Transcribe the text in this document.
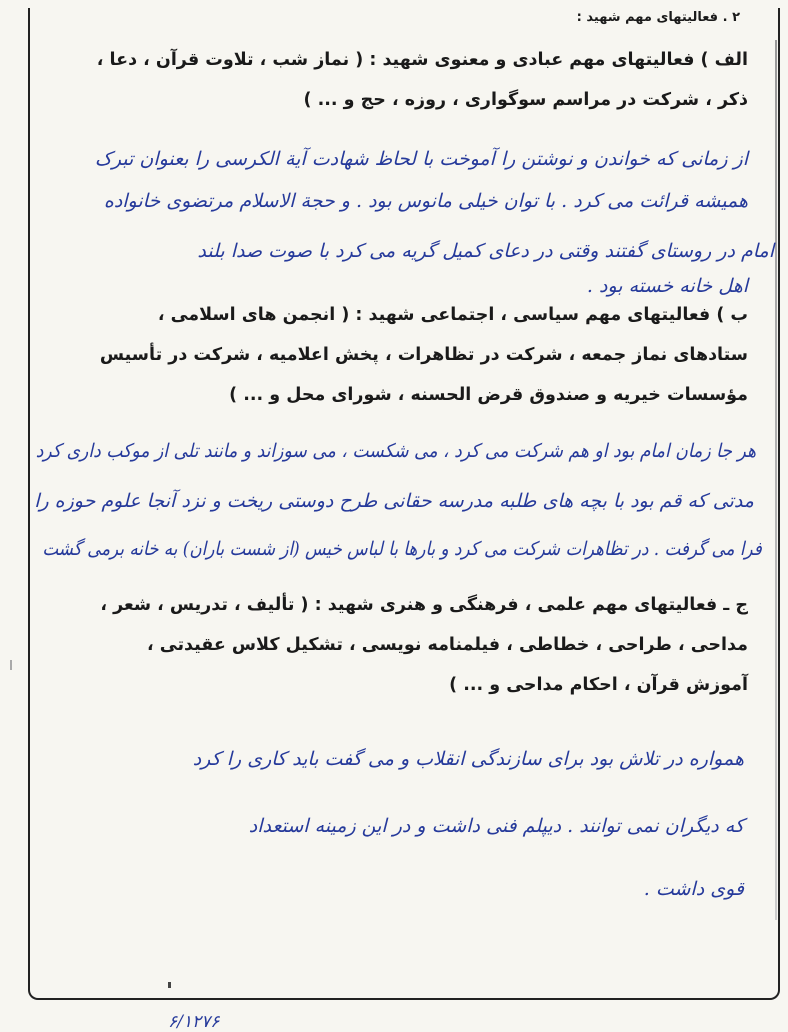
۲ . فعالیتهای مهم شهید :
الف ) فعالیتهای مهم عبادی و معنوی شهید : ( نماز شب ، تلاوت قرآن ، دعا ،
ذکر ، شرکت در مراسم سوگواری ، روزه ، حج و ... )
از زمانی که خواندن و نوشتن را آموخت با لحاظ شهادت آیة الکرسی را بعنوان تبرک
همیشه قرائت می کرد . با توان خیلی مانوس بود . و حجة الاسلام مرتضوی خانواده
امام در روستای گفتند وقتی در دعای کمیل گریه می کرد با صوت صدا بلند
اهل خانه خسته بود .
ب ) فعالیتهای مهم سیاسی ، اجتماعی شهید : ( انجمن های اسلامی ،
ستادهای نماز جمعه ، شرکت در تظاهرات ، پخش اعلامیه ، شرکت در تأسیس
مؤسسات خیریه و صندوق قرض الحسنه ، شورای محل و ... )
هر جا زمان امام بود او هم شرکت می کرد ، می شکست ، می سوزاند و مانند تلی از موکب داری کرد
مدتی که قم بود با بچه های طلبه مدرسه حقانی طرح دوستی ریخت و نزد آنجا علوم حوزه را
فرا می گرفت . در تظاهرات شرکت می کرد و بارها با لباس خیس (از شست باران) به خانه برمی گشت
ج ـ فعالیتهای مهم علمی ، فرهنگی و هنری شهید : ( تألیف ، تدریس ، شعر ،
مداحی ، طراحی ، خطاطی ، فیلمنامه نویسی ، تشکیل کلاس عقیدتی ،
آموزش قرآن ، احکام مداحی و ... )
همواره در تلاش بود برای سازندگی انقلاب و می گفت باید کاری را کرد
که دیگران نمی توانند . دیپلم فنی داشت و در این زمینه استعداد
قوی داشت .
۶/۱۲۷۶
